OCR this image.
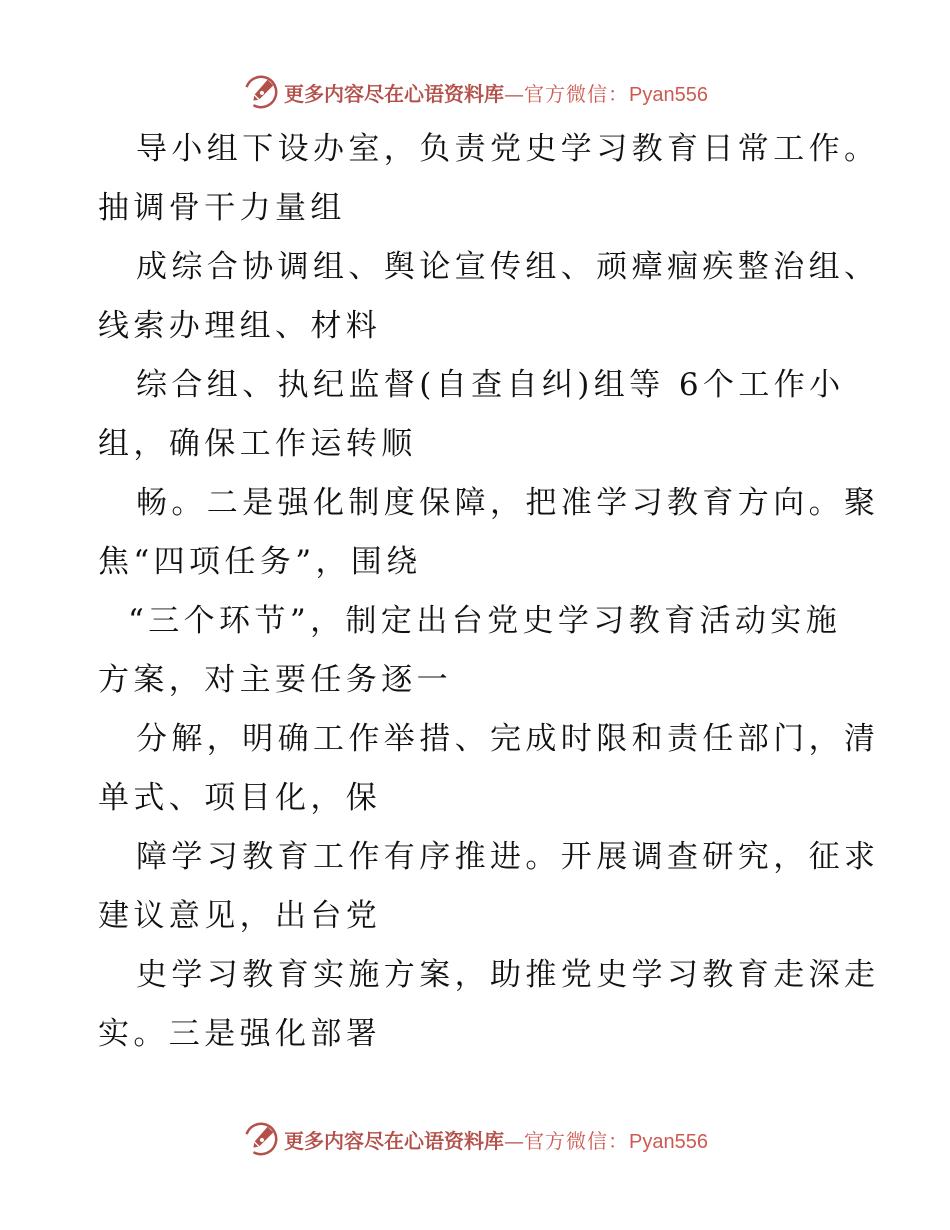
更多内容尽在心语资料库 — 官方微信： Pyan556
导小组下设办室，负责党史学习教育日常工作。
抽调骨干力量组
成综合协调组、舆论宣传组、顽瘴痼疾整治组、
线索办理组、材料
综合组、执纪监督(自查自纠)组等 6个工作小
组，确保工作运转顺
畅。二是强化制度保障，把准学习教育方向。聚
焦“四项任务”，围绕
“三个环节”，制定出台党史学习教育活动实施
方案，对主要任务逐一
分解，明确工作举措、完成时限和责任部门，清
单式、项目化，保
障学习教育工作有序推进。开展调查研究，征求
建议意见，出台党
史学习教育实施方案，助推党史学习教育走深走
实。三是强化部署
更多内容尽在心语资料库 — 官方微信： Pyan556
